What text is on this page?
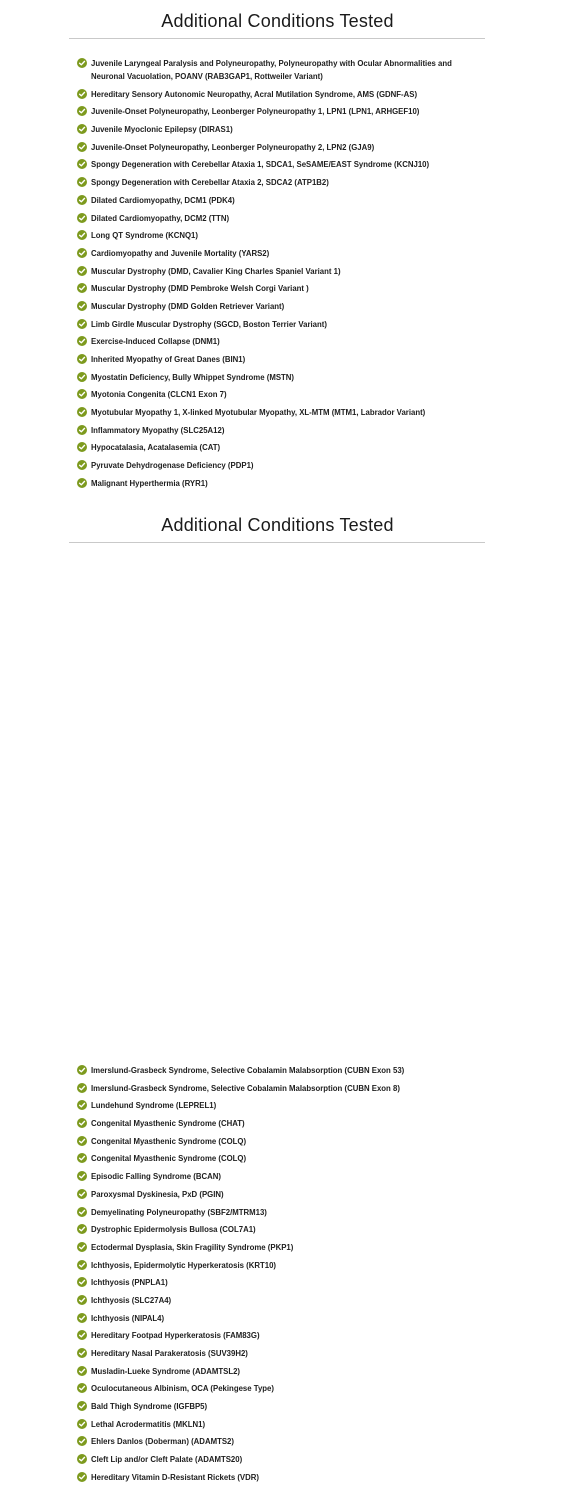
Additional Conditions Tested
Juvenile Laryngeal Paralysis and Polyneuropathy, Polyneuropathy with Ocular Abnormalities and Neuronal Vacuolation, POANV (RAB3GAP1, Rottweiler Variant)
Hereditary Sensory Autonomic Neuropathy, Acral Mutilation Syndrome, AMS (GDNF-AS)
Juvenile-Onset Polyneuropathy, Leonberger Polyneuropathy 1, LPN1 (LPN1, ARHGEF10)
Juvenile Myoclonic Epilepsy (DIRAS1)
Juvenile-Onset Polyneuropathy, Leonberger Polyneuropathy 2, LPN2 (GJA9)
Spongy Degeneration with Cerebellar Ataxia 1, SDCA1, SeSAME/EAST Syndrome (KCNJ10)
Spongy Degeneration with Cerebellar Ataxia 2, SDCA2 (ATP1B2)
Dilated Cardiomyopathy, DCM1 (PDK4)
Dilated Cardiomyopathy, DCM2 (TTN)
Long QT Syndrome (KCNQ1)
Cardiomyopathy and Juvenile Mortality (YARS2)
Muscular Dystrophy (DMD, Cavalier King Charles Spaniel Variant 1)
Muscular Dystrophy (DMD Pembroke Welsh Corgi Variant )
Muscular Dystrophy (DMD Golden Retriever Variant)
Limb Girdle Muscular Dystrophy (SGCD, Boston Terrier Variant)
Exercise-Induced Collapse (DNM1)
Inherited Myopathy of Great Danes (BIN1)
Myostatin Deficiency, Bully Whippet Syndrome (MSTN)
Myotonia Congenita (CLCN1 Exon 7)
Myotubular Myopathy 1, X-linked Myotubular Myopathy, XL-MTM (MTM1, Labrador Variant)
Inflammatory Myopathy (SLC25A12)
Hypocatalasia, Acatalasemia (CAT)
Pyruvate Dehydrogenase Deficiency (PDP1)
Malignant Hyperthermia (RYR1)
Additional Conditions Tested
Imerslund-Grasbeck Syndrome, Selective Cobalamin Malabsorption (CUBN Exon 53)
Imerslund-Grasbeck Syndrome, Selective Cobalamin Malabsorption (CUBN Exon 8)
Lundehund Syndrome (LEPREL1)
Congenital Myasthenic Syndrome (CHAT)
Congenital Myasthenic Syndrome (COLQ)
Congenital Myasthenic Syndrome (COLQ)
Episodic Falling Syndrome (BCAN)
Paroxysmal Dyskinesia, PxD (PGIN)
Demyelinating Polyneuropathy (SBF2/MTRM13)
Dystrophic Epidermolysis Bullosa (COL7A1)
Ectodermal Dysplasia, Skin Fragility Syndrome (PKP1)
Ichthyosis, Epidermolytic Hyperkeratosis (KRT10)
Ichthyosis (PNPLA1)
Ichthyosis (SLC27A4)
Ichthyosis (NIPAL4)
Hereditary Footpad Hyperkeratosis (FAM83G)
Hereditary Nasal Parakeratosis (SUV39H2)
Musladin-Lueke Syndrome (ADAMTSL2)
Oculocutaneous Albinism, OCA (Pekingese Type)
Bald Thigh Syndrome (IGFBP5)
Lethal Acrodermatitis (MKLN1)
Ehlers Danlos (Doberman) (ADAMTS2)
Cleft Lip and/or Cleft Palate (ADAMTS20)
Hereditary Vitamin D-Resistant Rickets (VDR)
